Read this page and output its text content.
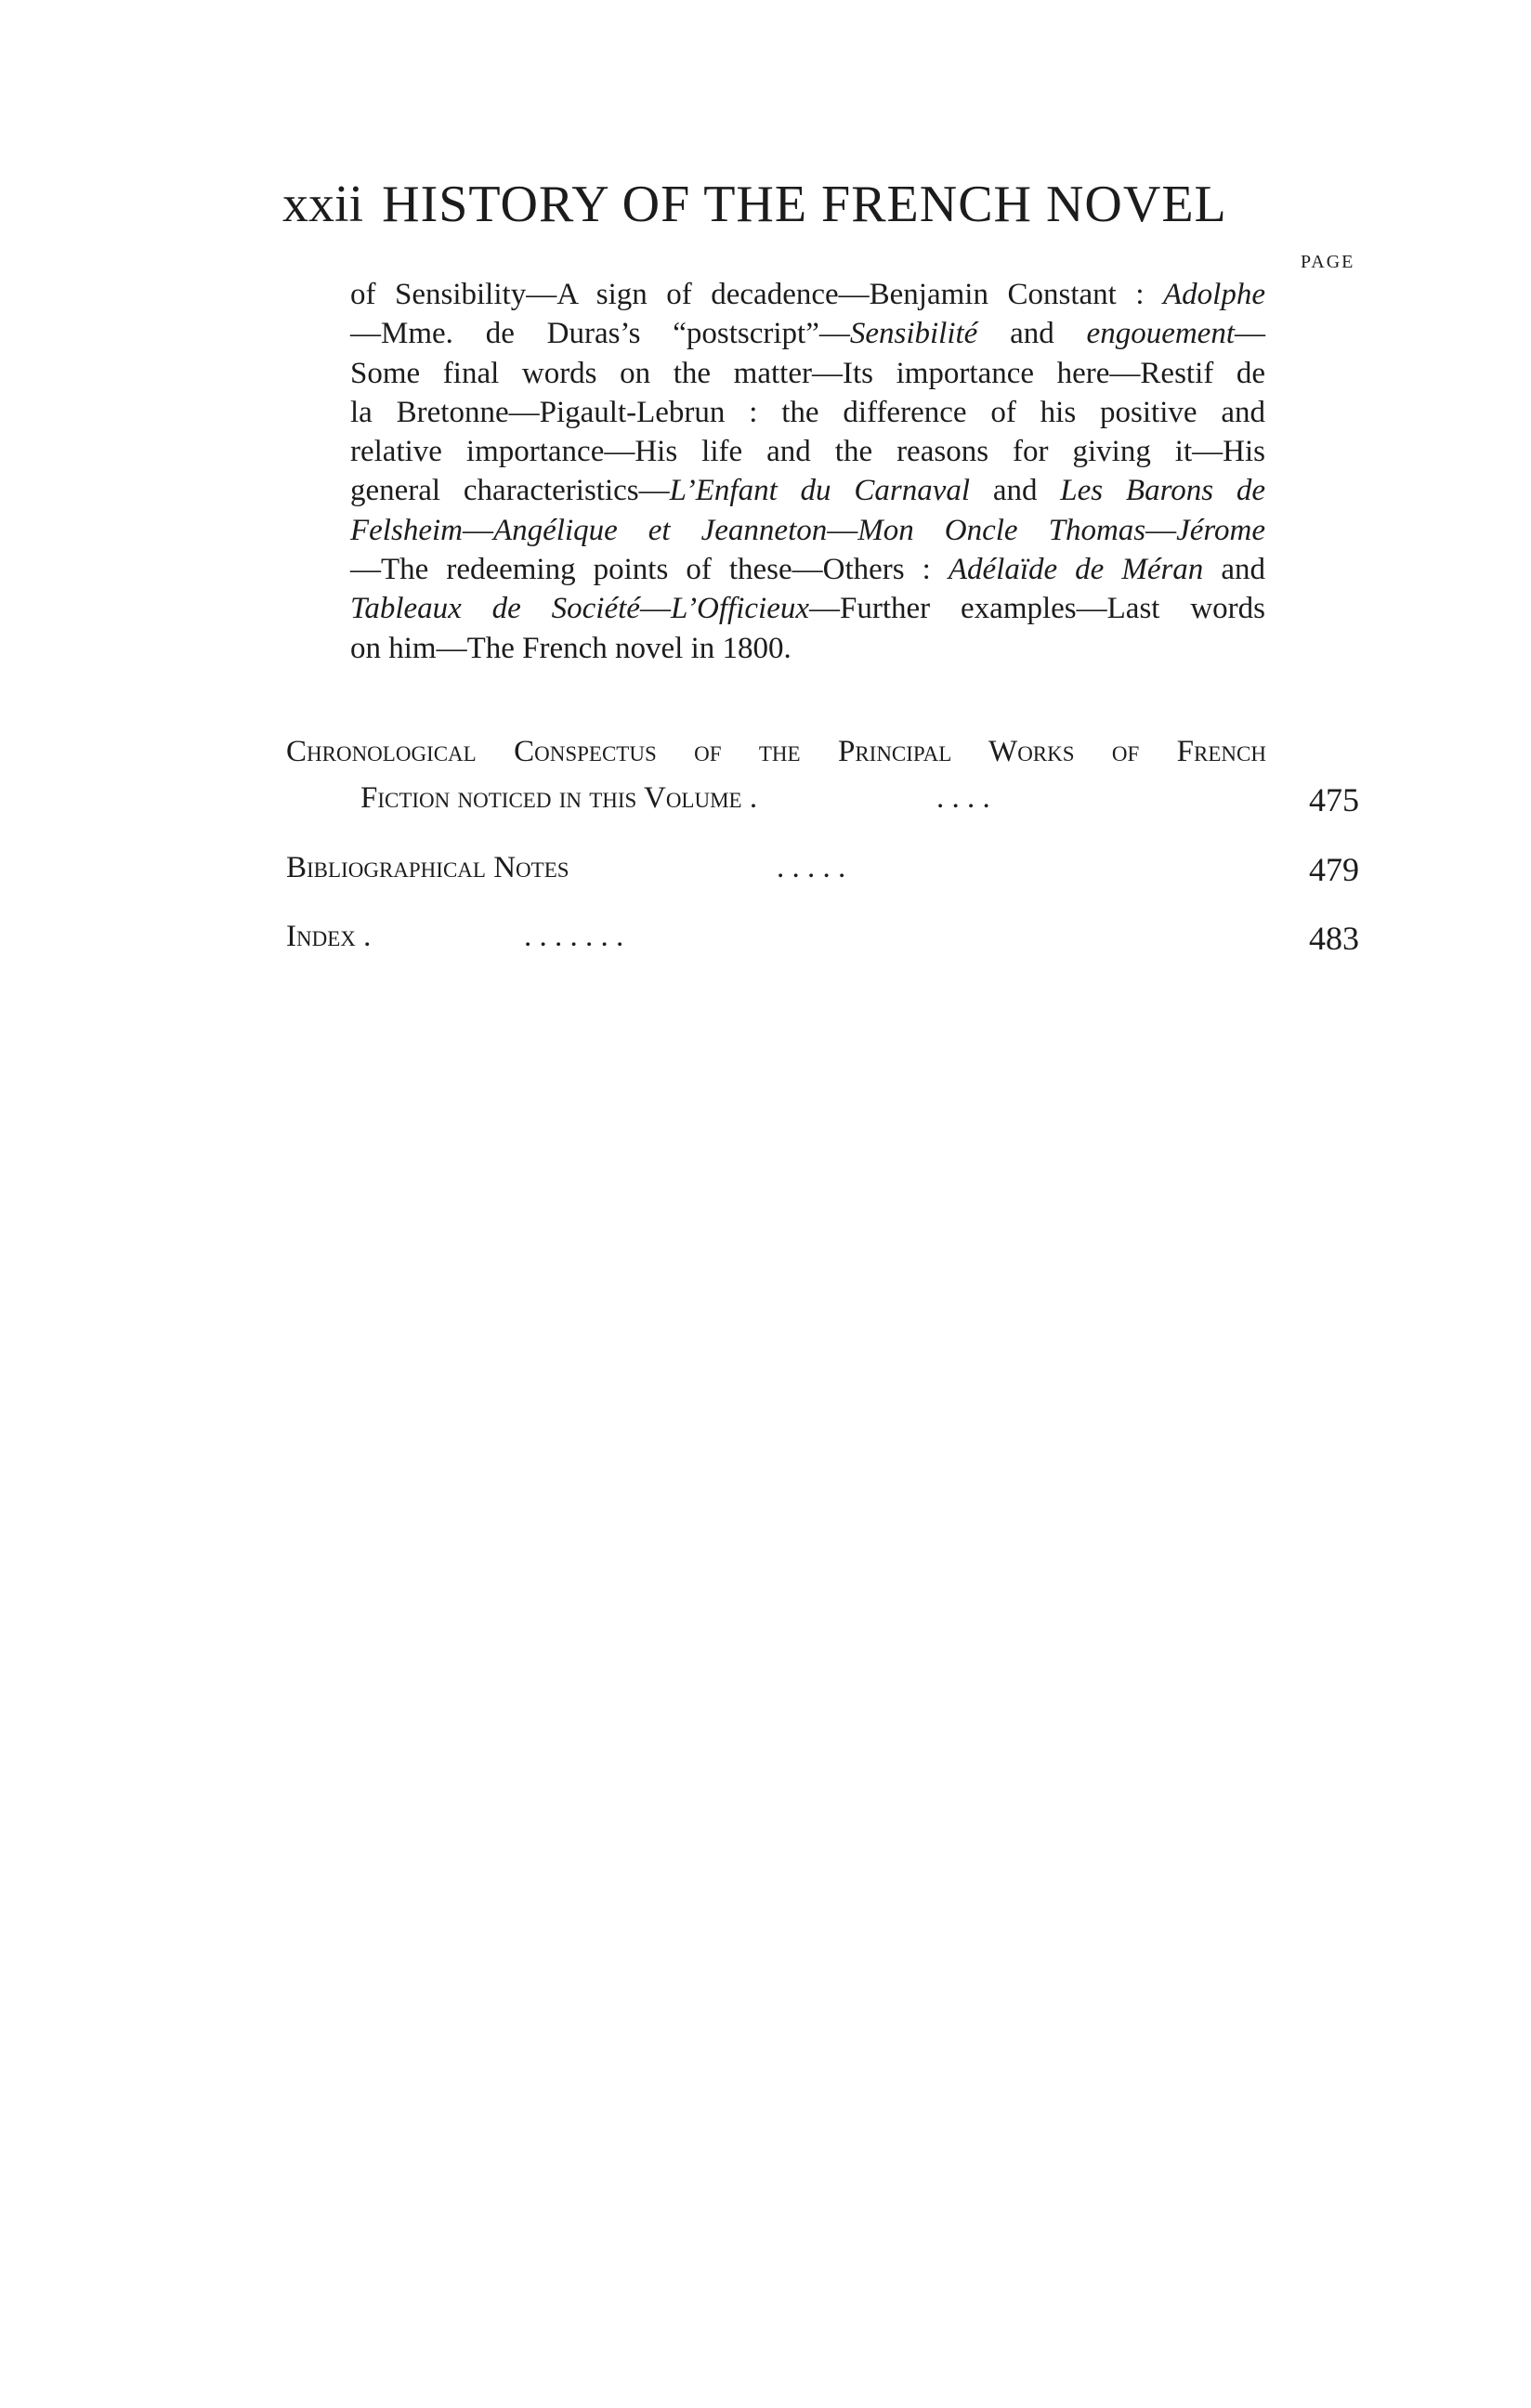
xxii HISTORY OF THE FRENCH NOVEL
PAGE
of Sensibility—A sign of decadence—Benjamin Constant : Adolphe
—Mme. de Duras’s “postscript”—Sensibilité and engouement—
Some final words on the matter—Its importance here—Restif de
la Bretonne—Pigault-Lebrun : the difference of his positive and
relative importance—His life and the reasons for giving it—His
general characteristics—L’Enfant du Carnaval and Les Barons de
Felsheim—Angélique et Jeanneton—Mon Oncle Thomas—Jérome
—The redeeming points of these—Others : Adélaïde de Méran and
Tableaux de Société—L’Officieux—Further examples—Last words
on him—The French novel in 1800.
Chronological Conspectus of the Principal Works of French
Fiction noticed in this Volume .	. . . .	475
Bibliographical Notes	. . . . .	479
Index .	. . . . . . .	483
